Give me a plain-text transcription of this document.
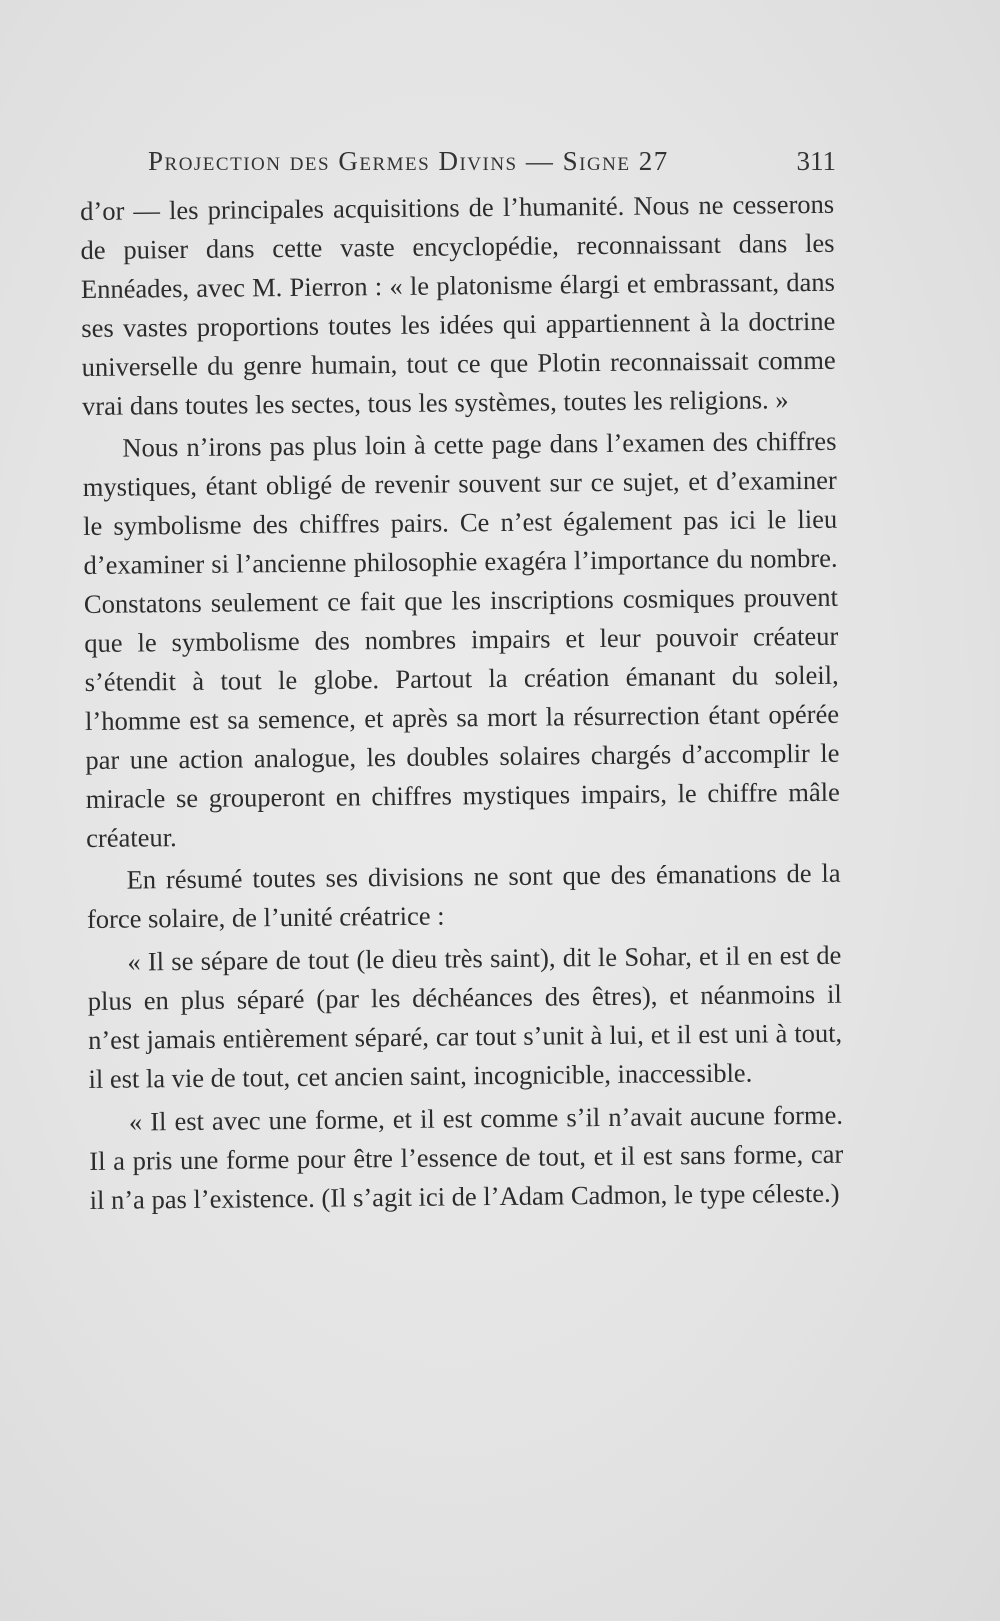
Projection des Germes Divins — Signe 27	311

d’or — les principales acquisitions de l’humanité. Nous ne cesserons de puiser dans cette vaste encyclopédie, reconnaissant dans les Ennéades, avec M. Pierron : « le platonisme élargi et embrassant, dans ses vastes proportions toutes les idées qui appartiennent à la doctrine universelle du genre humain, tout ce que Plotin reconnaissait comme vrai dans toutes les sectes, tous les systèmes, toutes les religions. »

Nous n’irons pas plus loin à cette page dans l’examen des chiffres mystiques, étant obligé de revenir souvent sur ce sujet, et d’examiner le symbolisme des chiffres pairs. Ce n’est également pas ici le lieu d’examiner si l’ancienne philosophie exagéra l’importance du nombre. Constatons seulement ce fait que les inscriptions cosmiques prouvent que le symbolisme des nombres impairs et leur pouvoir créateur s’étendit à tout le globe. Partout la création émanant du soleil, l’homme est sa semence, et après sa mort la résurrection étant opérée par une action analogue, les doubles solaires chargés d’accomplir le miracle se grouperont en chiffres mystiques impairs, le chiffre mâle créateur.

En résumé toutes ses divisions ne sont que des émanations de la force solaire, de l’unité créatrice :

« Il se sépare de tout (le dieu très saint), dit le Sohar, et il en est de plus en plus séparé (par les déchéances des êtres), et néanmoins il n’est jamais entièrement séparé, car tout s’unit à lui, et il est uni à tout, il est la vie de tout, cet ancien saint, incognicible, inaccessible.

« Il est avec une forme, et il est comme s’il n’avait aucune forme. Il a pris une forme pour être l’essence de tout, et il est sans forme, car il n’a pas l’existence. (Il s’agit ici de l’Adam Cadmon, le type céleste.)
